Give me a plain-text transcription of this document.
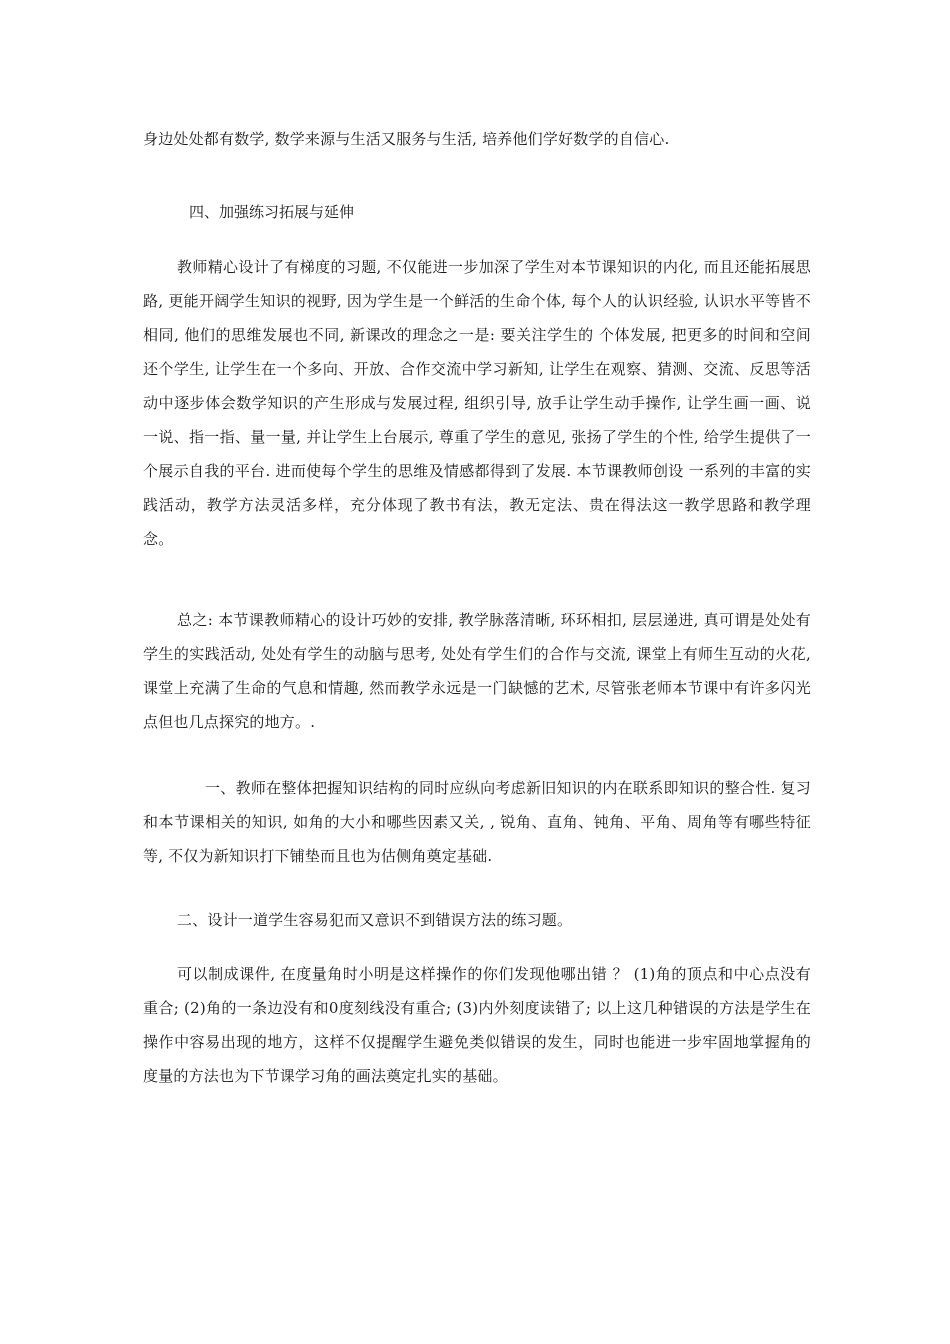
身边处处都有数学, 数学来源与生活又服务与生活, 培养他们学好数学的自信心.

四、加强练习拓展与延伸

教师精心设计了有梯度的习题, 不仅能进一步加深了学生对本节课知识的内化, 而且还能拓展思路, 更能开阔学生知识的视野, 因为学生是一个鲜活的生命个体, 每个人的认识经验, 认识水平等皆不相同, 他们的思维发展也不同, 新课改的理念之一是: 要关注学生的 个体发展, 把更多的时间和空间还个学生, 让学生在一个多向、开放、合作交流中学习新知, 让学生在观察、猜测、交流、反思等活动中逐步体会数学知识的产生形成与发展过程, 组织引导, 放手让学生动手操作, 让学生画一画、说一说、指一指、量一量, 并让学生上台展示, 尊重了学生的意见, 张扬了学生的个性, 给学生提供了一个展示自我的平台. 进而使每个学生的思维及情感都得到了发展. 本节课教师创设 一系列的丰富的实践活动，教学方法灵活多样，充分体现了教书有法，教无定法、贵在得法这一教学思路和教学理念。

总之: 本节课教师精心的设计巧妙的安排, 教学脉落清晰, 环环相扣, 层层递进, 真可谓是处处有学生的实践活动, 处处有学生的动脑与思考, 处处有学生们的合作与交流, 课堂上有师生互动的火花, 课堂上充满了生命的气息和情趣, 然而教学永远是一门缺憾的艺术, 尽管张老师本节课中有许多闪光点但也几点探究的地方。.

一、教师在整体把握知识结构的同时应纵向考虑新旧知识的内在联系即知识的整合性. 复习和本节课相关的知识, 如角的大小和哪些因素又关, , 锐角、直角、钝角、平角、周角等有哪些特征等, 不仅为新知识打下铺垫而且也为估侧角奠定基础.

二、设计一道学生容易犯而又意识不到错误方法的练习题。

可以制成课件, 在度量角时小明是这样操作的你们发现他哪出错 ？ (1)角的顶点和中心点没有重合; (2)角的一条边没有和0度刻线没有重合; (3)内外刻度读错了; 以上这几种错误的方法是学生在操作中容易出现的地方，这样不仅提醒学生避免类似错误的发生，同时也能进一步牢固地掌握角的度量的方法也为下节课学习角的画法奠定扎实的基础。
